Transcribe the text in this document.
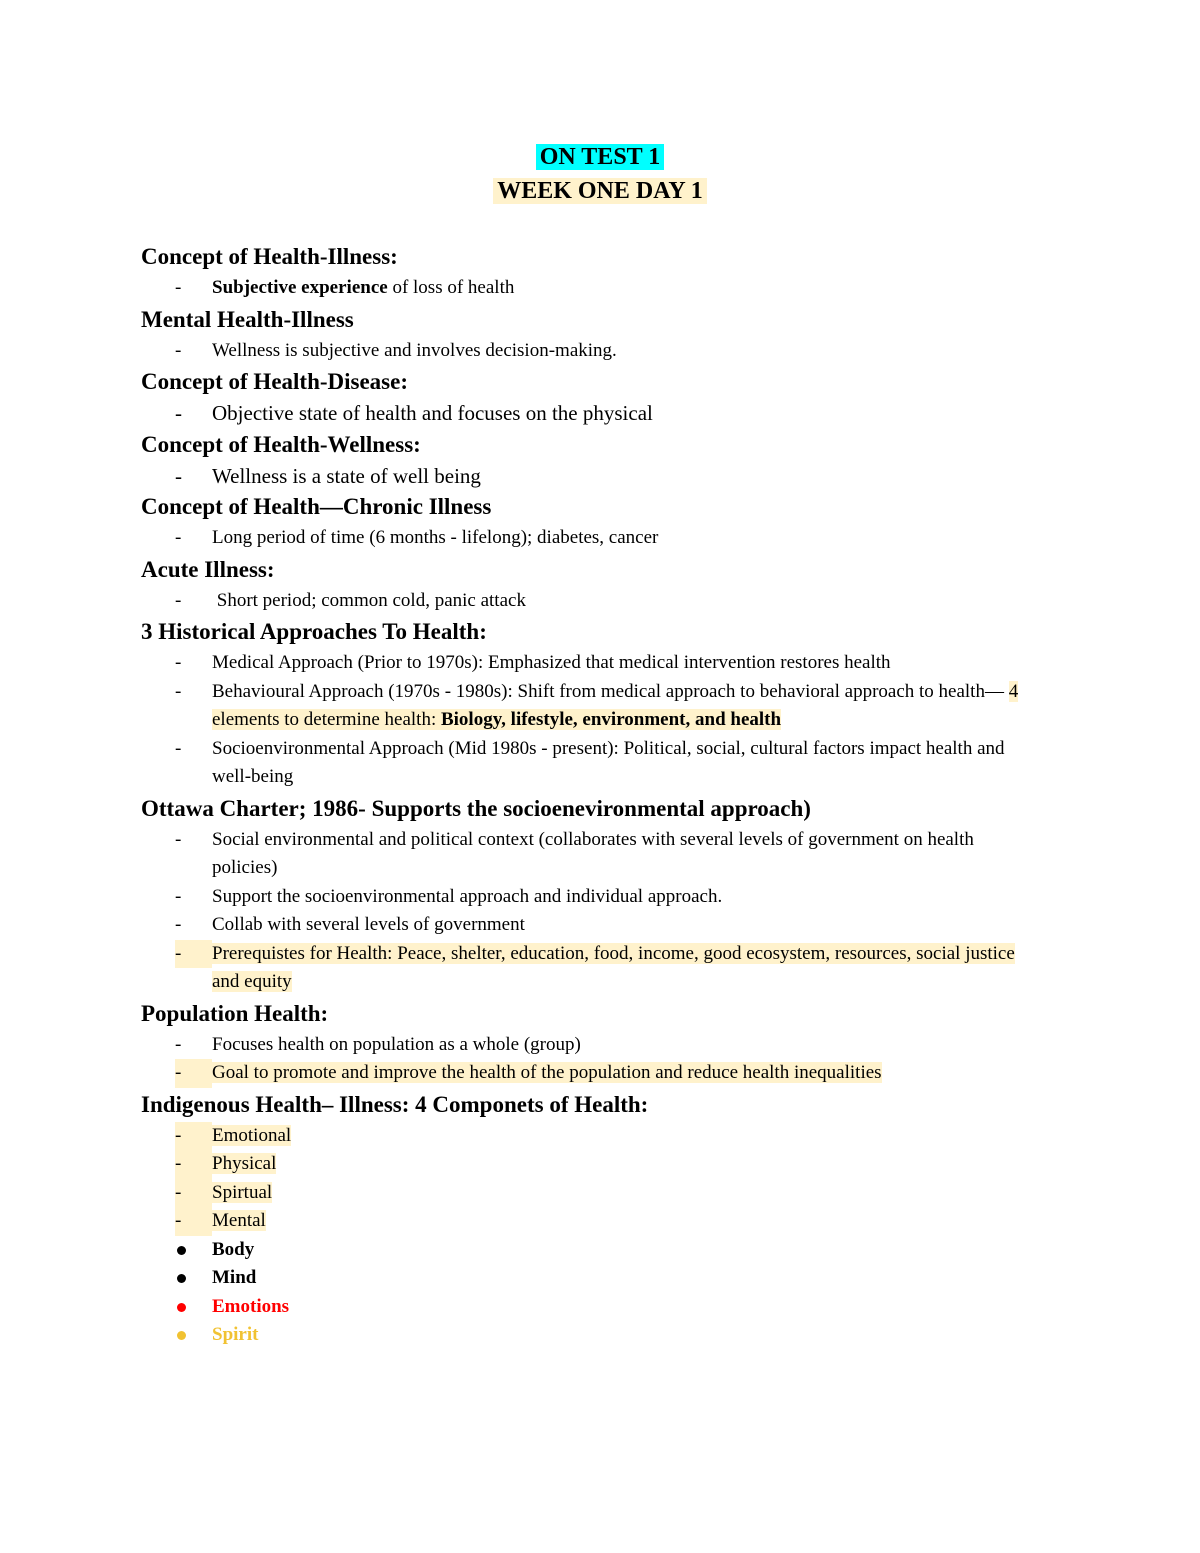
ON TEST 1

WEEK ONE DAY 1

Concept of Health-Illness:
-	Subjective experience of loss of health
Mental Health-Illness
-	Wellness is subjective and involves decision-making.
Concept of Health-Disease:
-	Objective state of health and focuses on the physical
Concept of Health-Wellness:
-	Wellness is a state of well being
Concept of Health—Chronic Illness
-	Long period of time (6 months - lifelong); diabetes, cancer
Acute Illness:
-	Short period; common cold, panic attack
3 Historical Approaches To Health:
-	Medical Approach (Prior to 1970s): Emphasized that medical intervention restores health
-	Behavioural Approach (1970s - 1980s): Shift from medical approach to behavioral approach to health— 4 elements to determine health: Biology, lifestyle, environment, and health
-	Socioenvironmental Approach (Mid 1980s - present): Political, social, cultural factors impact health and well-being
Ottawa Charter; 1986- Supports the socioenevironmental approach)
-	Social environmental and political context (collaborates with several levels of government on health policies)
-	Support the socioenvironmental approach and individual approach.
-	Collab with several levels of government
-	Prerequistes for Health: Peace, shelter, education, food, income, good ecosystem, resources, social justice and equity
Population Health:
-	Focuses health on population as a whole (group)
-	Goal to promote and improve the health of the population and reduce health inequalities
Indigenous Health– Illness: 4 Componets of Health:
-	Emotional
-	Physical
-	Spirtual
-	Mental
Body
Mind
Emotions
Spirit
